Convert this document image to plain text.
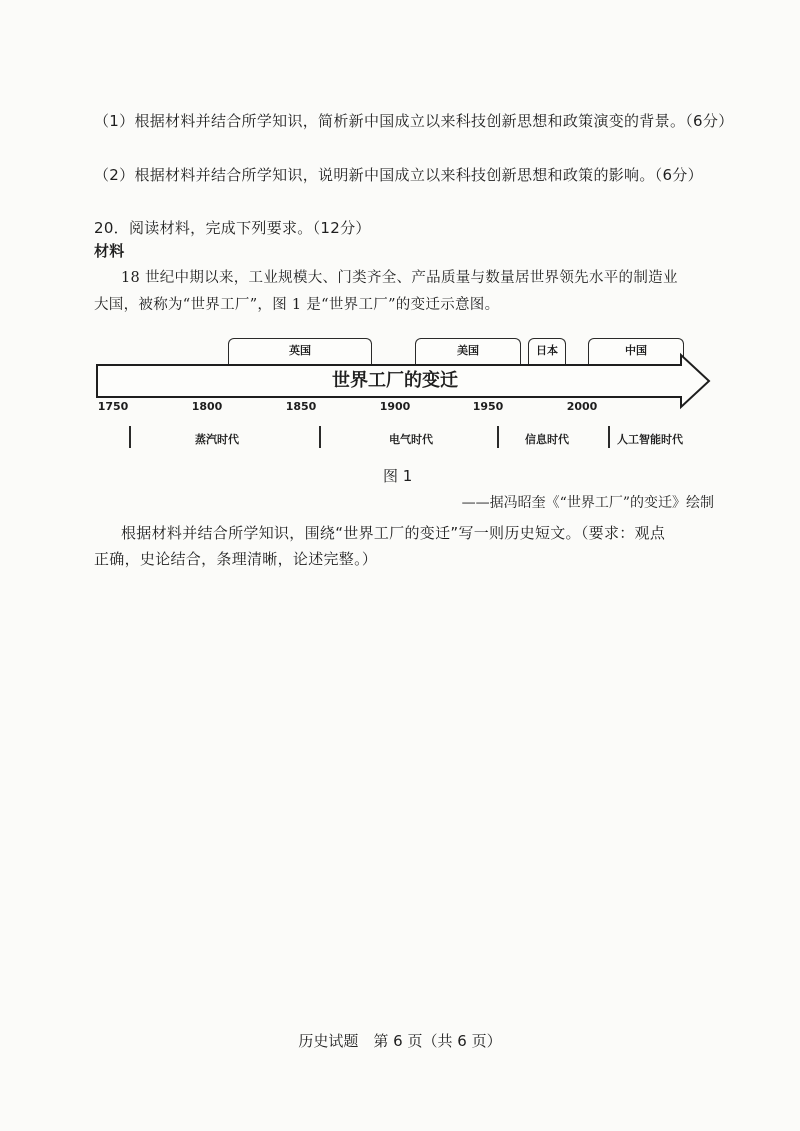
（1）根据材料并结合所学知识，简析新中国成立以来科技创新思想和政策演变的背景。（6分）
（2）根据材料并结合所学知识，说明新中国成立以来科技创新思想和政策的影响。（6分）
20．阅读材料，完成下列要求。（12分）
材料
18 世纪中期以来，工业规模大、门类齐全、产品质量与数量居世界领先水平的制造业
大国，被称为“世界工厂”，图 1 是“世界工厂”的变迁示意图。
英国	美国	日本	中国
世界工厂的变迁
1750	1800	1850	1900	1950	2000
蒸汽时代	电气时代	信息时代	人工智能时代
图 1
——据冯昭奎《“世界工厂”的变迁》绘制
根据材料并结合所学知识，围绕“世界工厂的变迁”写一则历史短文。（要求：观点
正确，史论结合，条理清晰，论述完整。）
历史试题　第 6 页（共 6 页）
